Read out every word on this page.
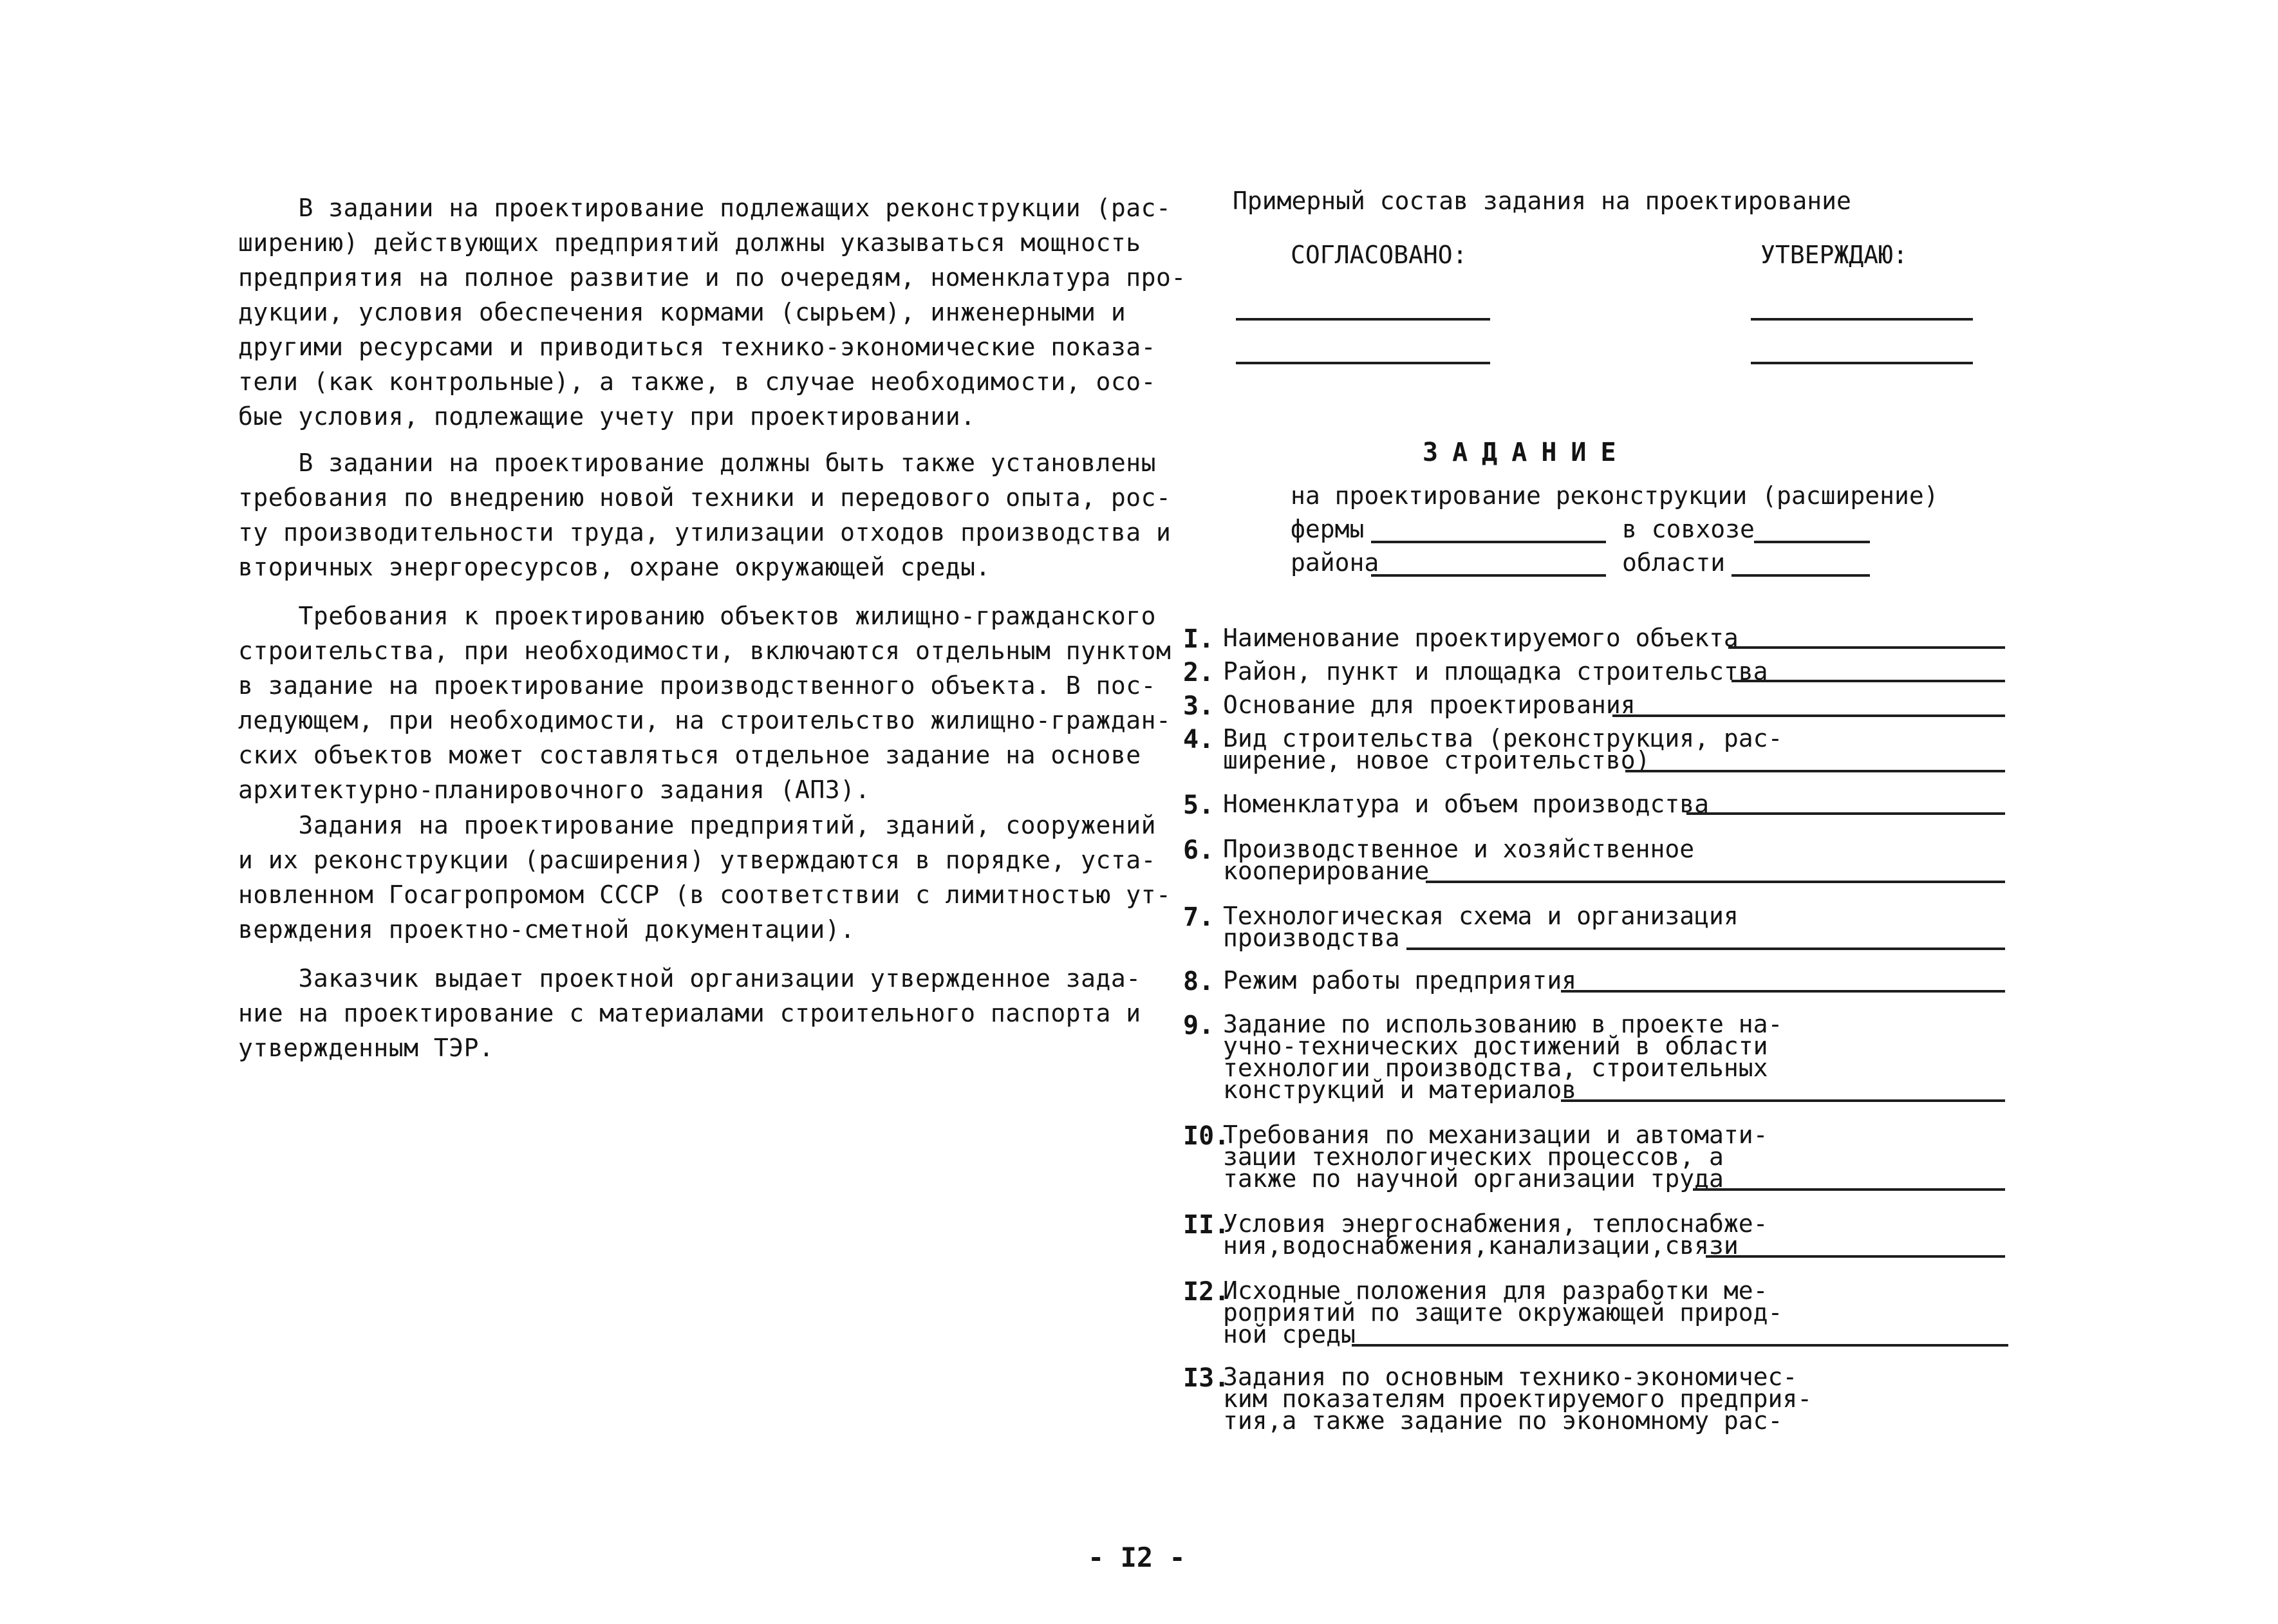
В задании на проектирование подлежащих реконструкции (рас-
ширению) действующих предприятий должны указываться мощность
предприятия на полное развитие и по очередям, номенклатура про-
дукции, условия обеспечения кормами (сырьем), инженерными и
другими ресурсами и приводиться технико-экономические показа-
тели (как контрольные), а также, в случае необходимости, осо-
бые условия, подлежащие учету при проектировании.
В задании на проектирование должны быть также установлены
требования по внедрению новой техники и передового опыта, рос-
ту производительности труда, утилизации отходов производства и
вторичных энергоресурсов, охране окружающей среды.
Требования к проектированию объектов жилищно-гражданского
строительства, при необходимости, включаются отдельным пунктом
в задание на проектирование производственного объекта. В пос-
ледующем, при необходимости, на строительство жилищно-граждан-
ских объектов может составляться отдельное задание на основе
архитектурно-планировочного задания (АПЗ).
Задания на проектирование предприятий, зданий, сооружений
и их реконструкции (расширения) утверждаются в порядке, уста-
новленном Госагропромом СССР (в соответствии с лимитностью ут-
верждения проектно-сметной документации).
Заказчик выдает проектной организации утвержденное зада-
ние на проектирование с материалами строительного паспорта и
утвержденным ТЭР.
Примерный состав задания на проектирование
СОГЛАСОВАНО:	УТВЕРЖДАЮ:
ЗАДАНИЕ
на проектирование реконструкции (расширение)
фермы	в совхозе
района	области
I. Наименование проектируемого объекта
2. Район, пункт и площадка строительства
3. Основание для проектирования
4. Вид строительства (реконструкция, рас-
ширение, новое строительство)
5. Номенклатура и объем производства
6. Производственное и хозяйственное
кооперирование
7. Технологическая схема и организация
производства
8. Режим работы предприятия
9. Задание по использованию в проекте на-
учно-технических достижений в области
технологии производства, строительных
конструкций и материалов
I0.
Требования по механизации и автомати-
зации технологических процессов, а
также по научной организации труда
II.
Условия энергоснабжения, теплоснабже-
ния,водоснабжения,канализации,связи
I2.
Исходные положения для разработки ме-
роприятий по защите окружающей природ-
ной среды
I3.
Задания по основным технико-экономичес-
ким показателям проектируемого предприя-
тия,а также задание по экономному рас-
- I2 -
